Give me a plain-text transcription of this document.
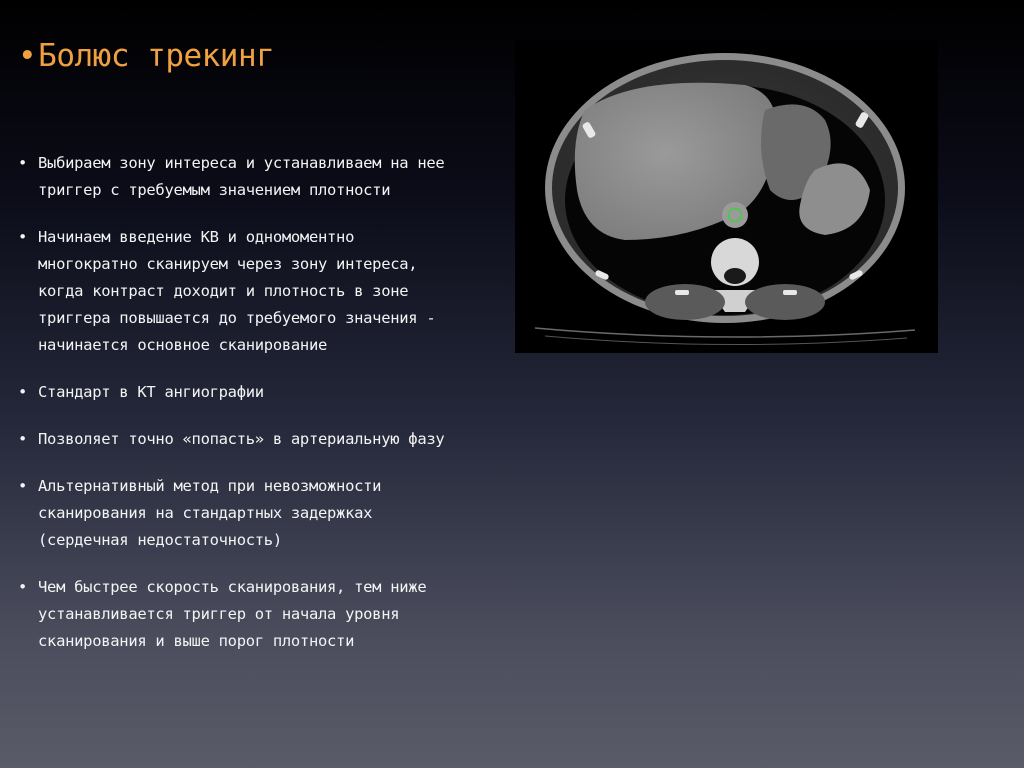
•Болюс трекинг
• Выбираем зону интереса и устанавливаем на нее триггер с требуемым значением плотности
• Начинаем введение КВ и одномоментно многократно сканируем через зону интереса, когда контраст доходит и плотность в зоне триггера повышается до требуемого значения - начинается основное сканирование
• Стандарт в КТ ангиографии
• Позволяет точно «попасть» в артериальную фазу
• Альтернативный метод при невозможности сканирования на стандартных задержках (сердечная недостаточность)
• Чем быстрее скорость сканирования, тем ниже устанавливается триггер от начала уровня сканирования и выше порог плотности
